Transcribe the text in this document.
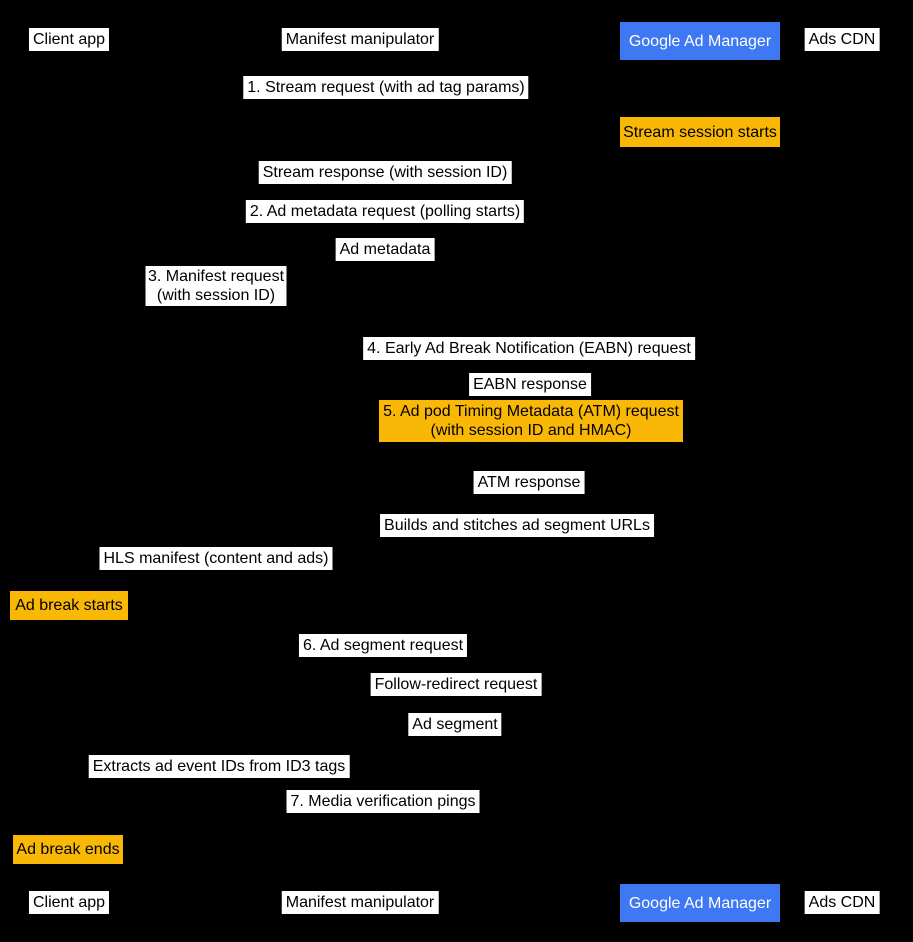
Client app
Client app
Manifest manipulator
Manifest manipulator
Google Ad Manager
Google Ad Manager
Ads CDN
Ads CDN
1. Stream request (with ad tag params)
Stream session starts
Stream response (with session ID)
2. Ad metadata request (polling starts)
Ad metadata
3. Manifest request
(with session ID)
4. Early Ad Break Notification (EABN) request
EABN response
5. Ad pod Timing Metadata (ATM) request
(with session ID and HMAC)
ATM response
Builds and stitches ad segment URLs
HLS manifest (content and ads)
Ad break starts
6. Ad segment request
Follow-redirect request
Ad segment
Extracts ad event IDs from ID3 tags
7. Media verification pings
Ad break ends
